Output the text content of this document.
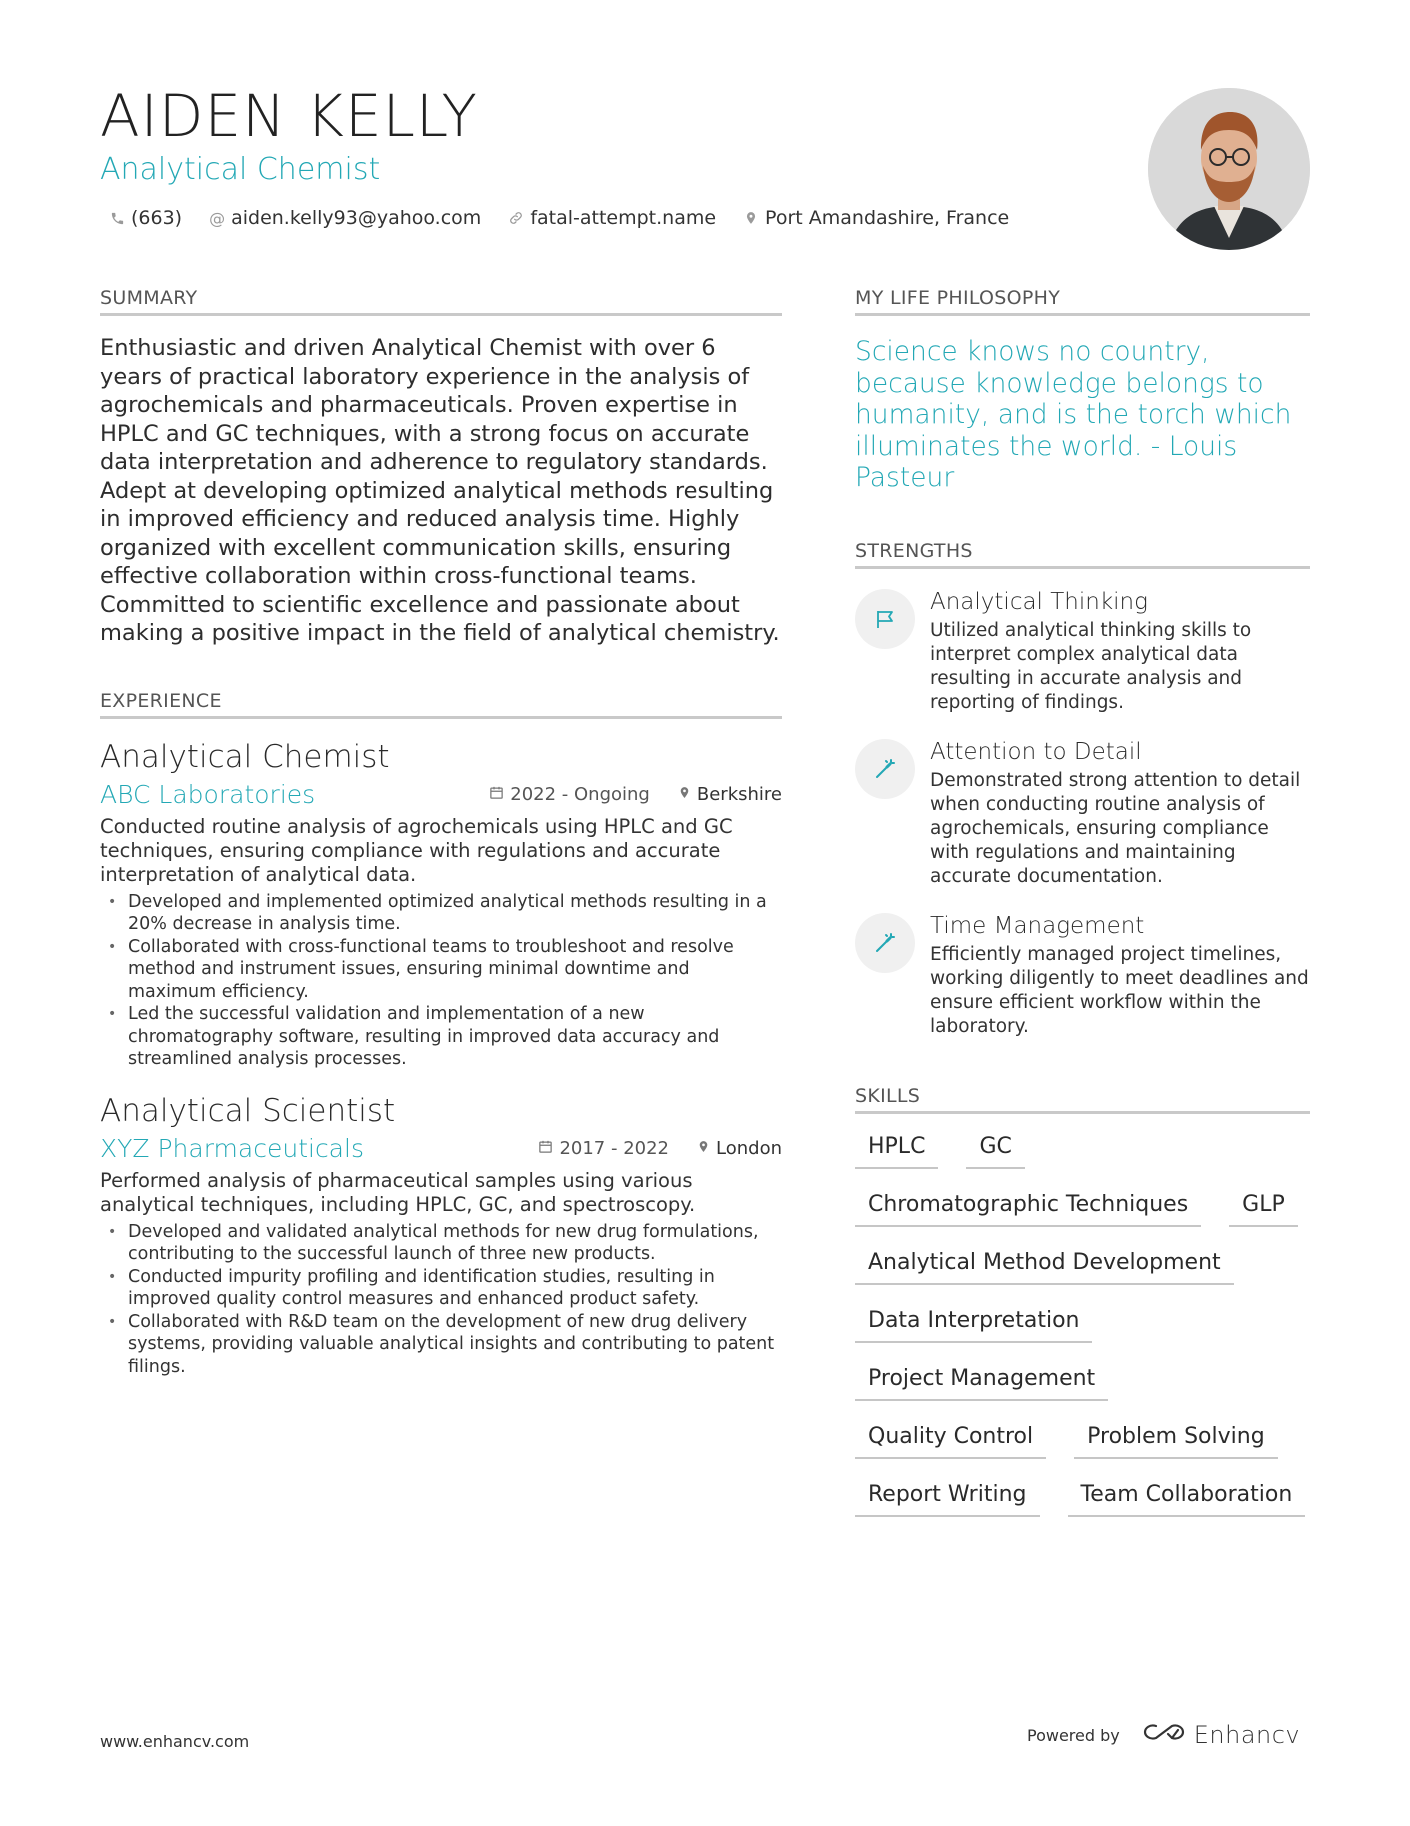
AIDEN KELLY
Analytical Chemist
(663) @ aiden.kelly93@yahoo.com	fatal-attempt.name	Port Amandashire, France
SUMMARY
Enthusiastic and driven Analytical Chemist with over 6 years of practical laboratory experience in the analysis of agrochemicals and pharmaceuticals. Proven expertise in HPLC and GC techniques, with a strong focus on accurate data interpretation and adherence to regulatory standards. Adept at developing optimized analytical methods resulting in improved efficiency and reduced analysis time. Highly organized with excellent communication skills, ensuring effective collaboration within cross-functional teams. Committed to scientific excellence and passionate about making a positive impact in the field of analytical chemistry.
EXPERIENCE
Analytical Chemist
ABC Laboratories	2022 - Ongoing	Berkshire
Conducted routine analysis of agrochemicals using HPLC and GC techniques, ensuring compliance with regulations and accurate interpretation of analytical data.
• Developed and implemented optimized analytical methods resulting in a 20% decrease in analysis time.
• Collaborated with cross-functional teams to troubleshoot and resolve method and instrument issues, ensuring minimal downtime and maximum efficiency.
• Led the successful validation and implementation of a new chromatography software, resulting in improved data accuracy and streamlined analysis processes.
Analytical Scientist
XYZ Pharmaceuticals	2017 - 2022	London
Performed analysis of pharmaceutical samples using various analytical techniques, including HPLC, GC, and spectroscopy.
• Developed and validated analytical methods for new drug formulations, contributing to the successful launch of three new products.
• Conducted impurity profiling and identification studies, resulting in improved quality control measures and enhanced product safety.
• Collaborated with R&D team on the development of new drug delivery systems, providing valuable analytical insights and contributing to patent filings.
MY LIFE PHILOSOPHY
Science knows no country, because knowledge belongs to humanity, and is the torch which illuminates the world. - Louis Pasteur
STRENGTHS
Analytical Thinking
Utilized analytical thinking skills to interpret complex analytical data resulting in accurate analysis and reporting of findings.
Attention to Detail
Demonstrated strong attention to detail when conducting routine analysis of agrochemicals, ensuring compliance with regulations and maintaining accurate documentation.
Time Management
Efficiently managed project timelines, working diligently to meet deadlines and ensure efficient workflow within the laboratory.
SKILLS
HPLC	GC
Chromatographic Techniques	GLP
Analytical Method Development
Data Interpretation
Project Management
Quality Control	Problem Solving
Report Writing	Team Collaboration
www.enhancv.com	Powered by	Enhancv
